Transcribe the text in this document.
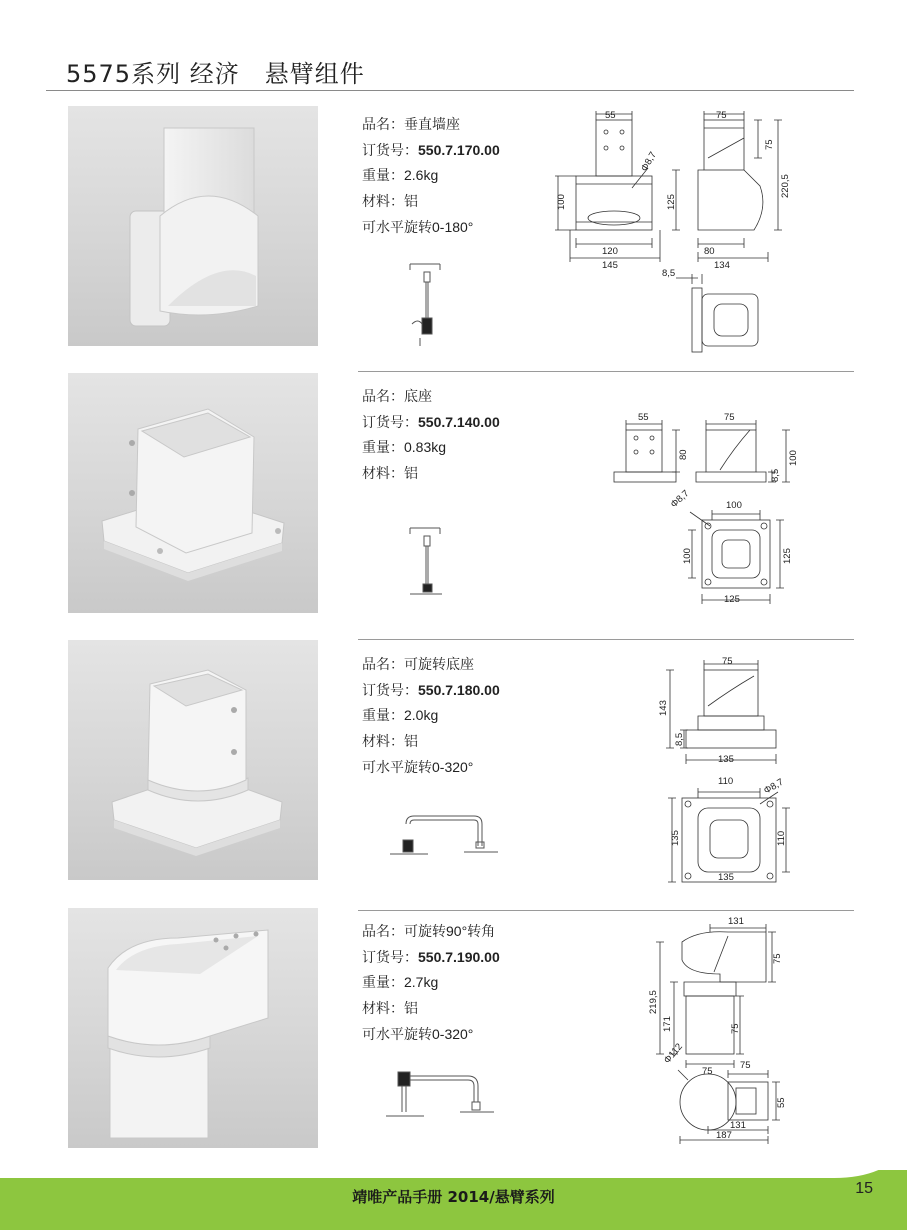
5575系列 经济　悬臂组件
品名：垂直墙座
订货号：550.7.170.00
重量：2.6kg
材料：铝
可水平旋转0-180°
55	75
Φ8,7
75
100	125
220,5
120
145
80
134
8,5
品名：底座
订货号：550.7.140.00
重量：0.83kg
材料：铝
55
80
75
8,5
100
Φ8,7	100
100	125
125
品名：可旋转底座
订货号：550.7.180.00
重量：2.0kg
材料：铝
可水平旋转0-320°
75
143
8,5
135
110	Φ8,7
135	110
135
品名：可旋转90°转角
订货号：550.7.190.00
重量：2.7kg
材料：铝
可水平旋转0-320°
131
75
219,5
171	75
75
Φ112	75
55
131
187
靖唯产品手册 2014/悬臂系列	15
